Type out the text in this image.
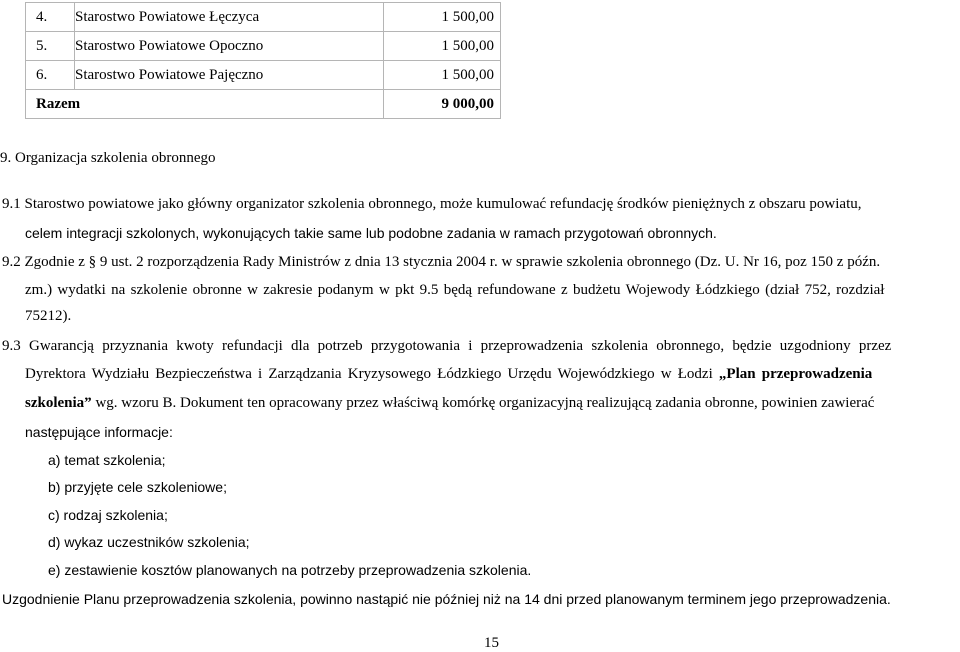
4.	Starostwo Powiatowe Łęczyca	1 500,00
5.	Starostwo Powiatowe Opoczno	1 500,00
6.	Starostwo Powiatowe Pajęczno	1 500,00
Razem		9 000,00
9. Organizacja szkolenia obronnego
9.1 Starostwo powiatowe jako główny organizator szkolenia obronnego, może kumulować refundację środków pieniężnych z obszaru powiatu,
celem integracji szkolonych, wykonujących takie same lub podobne zadania w ramach przygotowań obronnych.
9.2 Zgodnie z § 9 ust. 2 rozporządzenia Rady Ministrów z dnia 13 stycznia 2004 r. w sprawie szkolenia obronnego (Dz. U. Nr 16, poz 150 z późn.
zm.) wydatki na szkolenie obronne w zakresie podanym w pkt 9.5 będą refundowane z budżetu Wojewody Łódzkiego (dział 752, rozdział
75212).
9.3 Gwarancją przyznania kwoty refundacji dla potrzeb przygotowania i przeprowadzenia szkolenia obronnego, będzie uzgodniony przez
Dyrektora Wydziału Bezpieczeństwa i Zarządzania Kryzysowego Łódzkiego Urzędu Wojewódzkiego w Łodzi „Plan przeprowadzenia
szkolenia” wg. wzoru B. Dokument ten opracowany przez właściwą komórkę organizacyjną realizującą zadania obronne, powinien zawierać
następujące informacje:
a) temat szkolenia;
b) przyjęte cele szkoleniowe;
c) rodzaj szkolenia;
d) wykaz uczestników szkolenia;
e) zestawienie kosztów planowanych na potrzeby przeprowadzenia szkolenia.
Uzgodnienie Planu przeprowadzenia szkolenia, powinno nastąpić nie później niż na 14 dni przed planowanym terminem jego przeprowadzenia.
15
